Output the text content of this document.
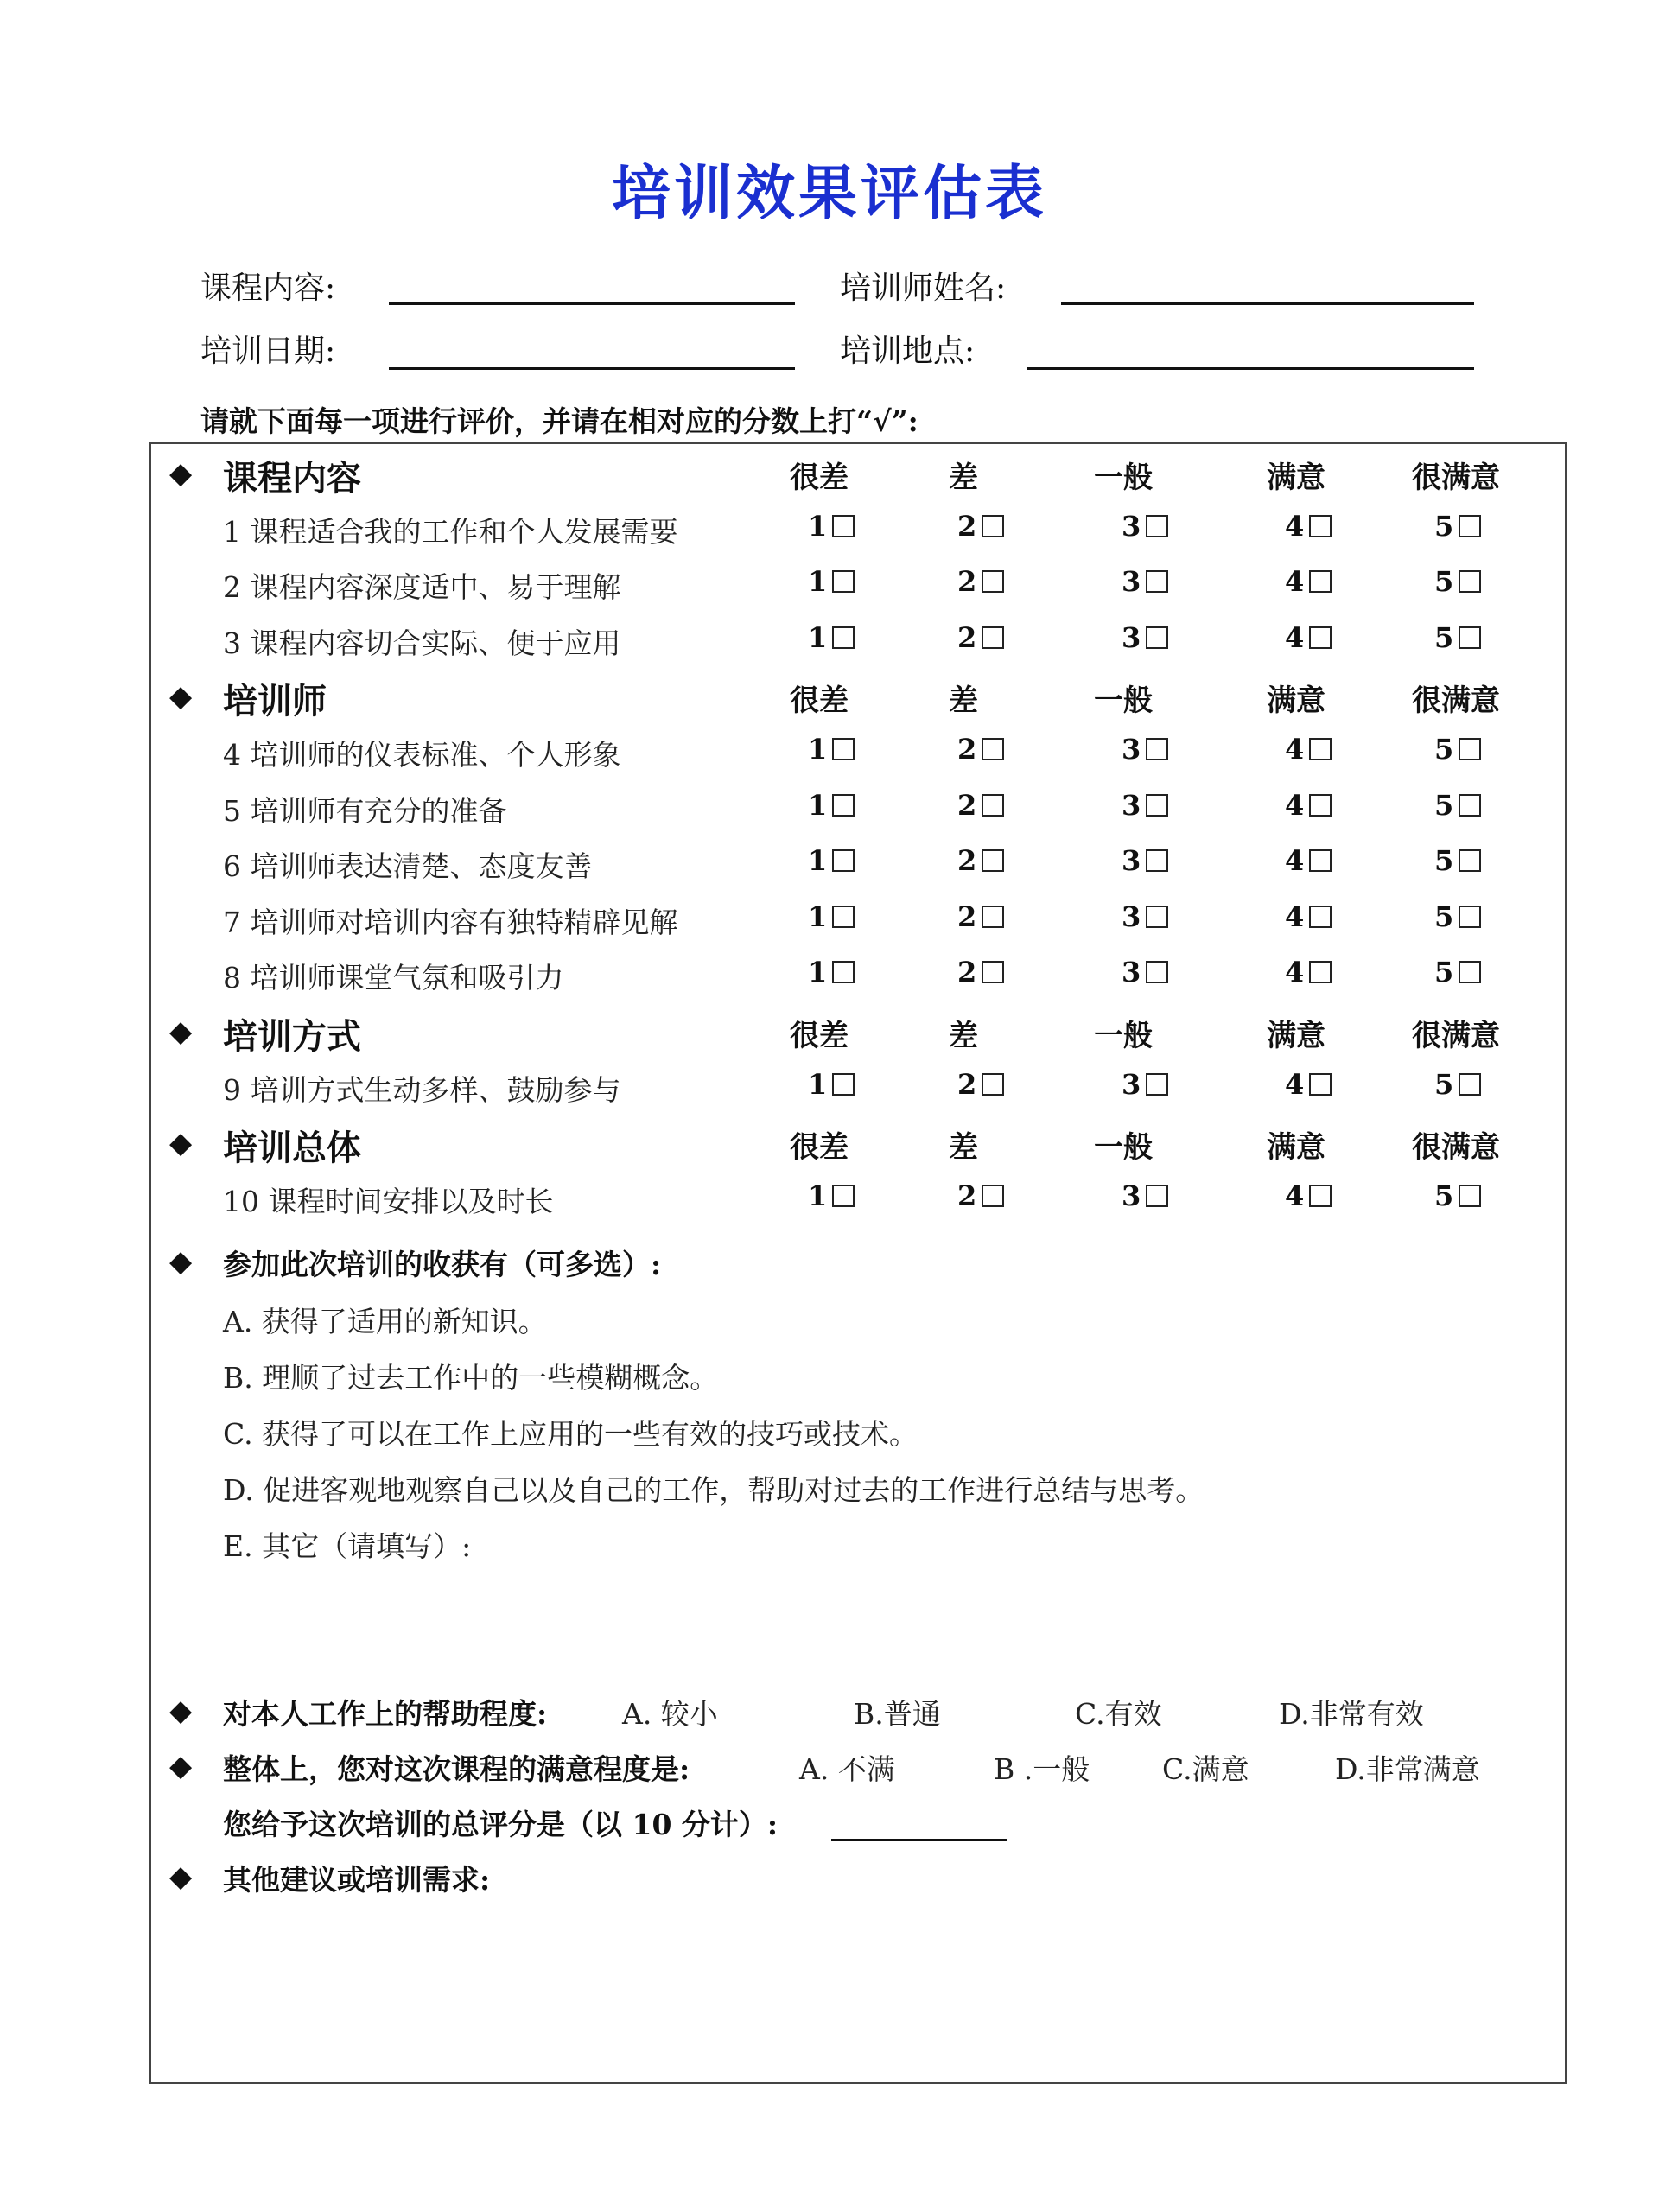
培训效果评估表
课程内容:	培训师姓名:
培训日期:	培训地点:
请就下面每一项进行评价，并请在相对应的分数上打“√”:
◆ 课程内容	很差	差	一般	满意	很满意
1 课程适合我的工作和个人发展需要	1	2	3	4	5
2 课程内容深度适中、易于理解	1	2	3	4	5
3 课程内容切合实际、便于应用	1	2	3	4	5
◆ 培训师	很差	差	一般	满意	很满意
4 培训师的仪表标准、个人形象	1	2	3	4	5
5 培训师有充分的准备	1	2	3	4	5
6 培训师表达清楚、态度友善	1	2	3	4	5
7 培训师对培训内容有独特精辟见解	1	2	3	4	5
8 培训师课堂气氛和吸引力	1	2	3	4	5
◆ 培训方式	很差	差	一般	满意	很满意
9 培训方式生动多样、鼓励参与	1	2	3	4	5
◆ 培训总体	很差	差	一般	满意	很满意
10 课程时间安排以及时长	1	2	3	4	5
◆ 参加此次培训的收获有（可多选）:
A. 获得了适用的新知识。
B. 理顺了过去工作中的一些模糊概念。
C. 获得了可以在工作上应用的一些有效的技巧或技术。
D. 促进客观地观察自己以及自己的工作，帮助对过去的工作进行总结与思考。
E. 其它（请填写）:
◆ 对本人工作上的帮助程度:	A. 较小	B.普通	C.有效	D.非常有效
◆ 整体上，您对这次课程的满意程度是:	A. 不满	B .一般	C.满意	D.非常满意
您给予这次培训的总评分是（以 10 分计）:
◆ 其他建议或培训需求:
